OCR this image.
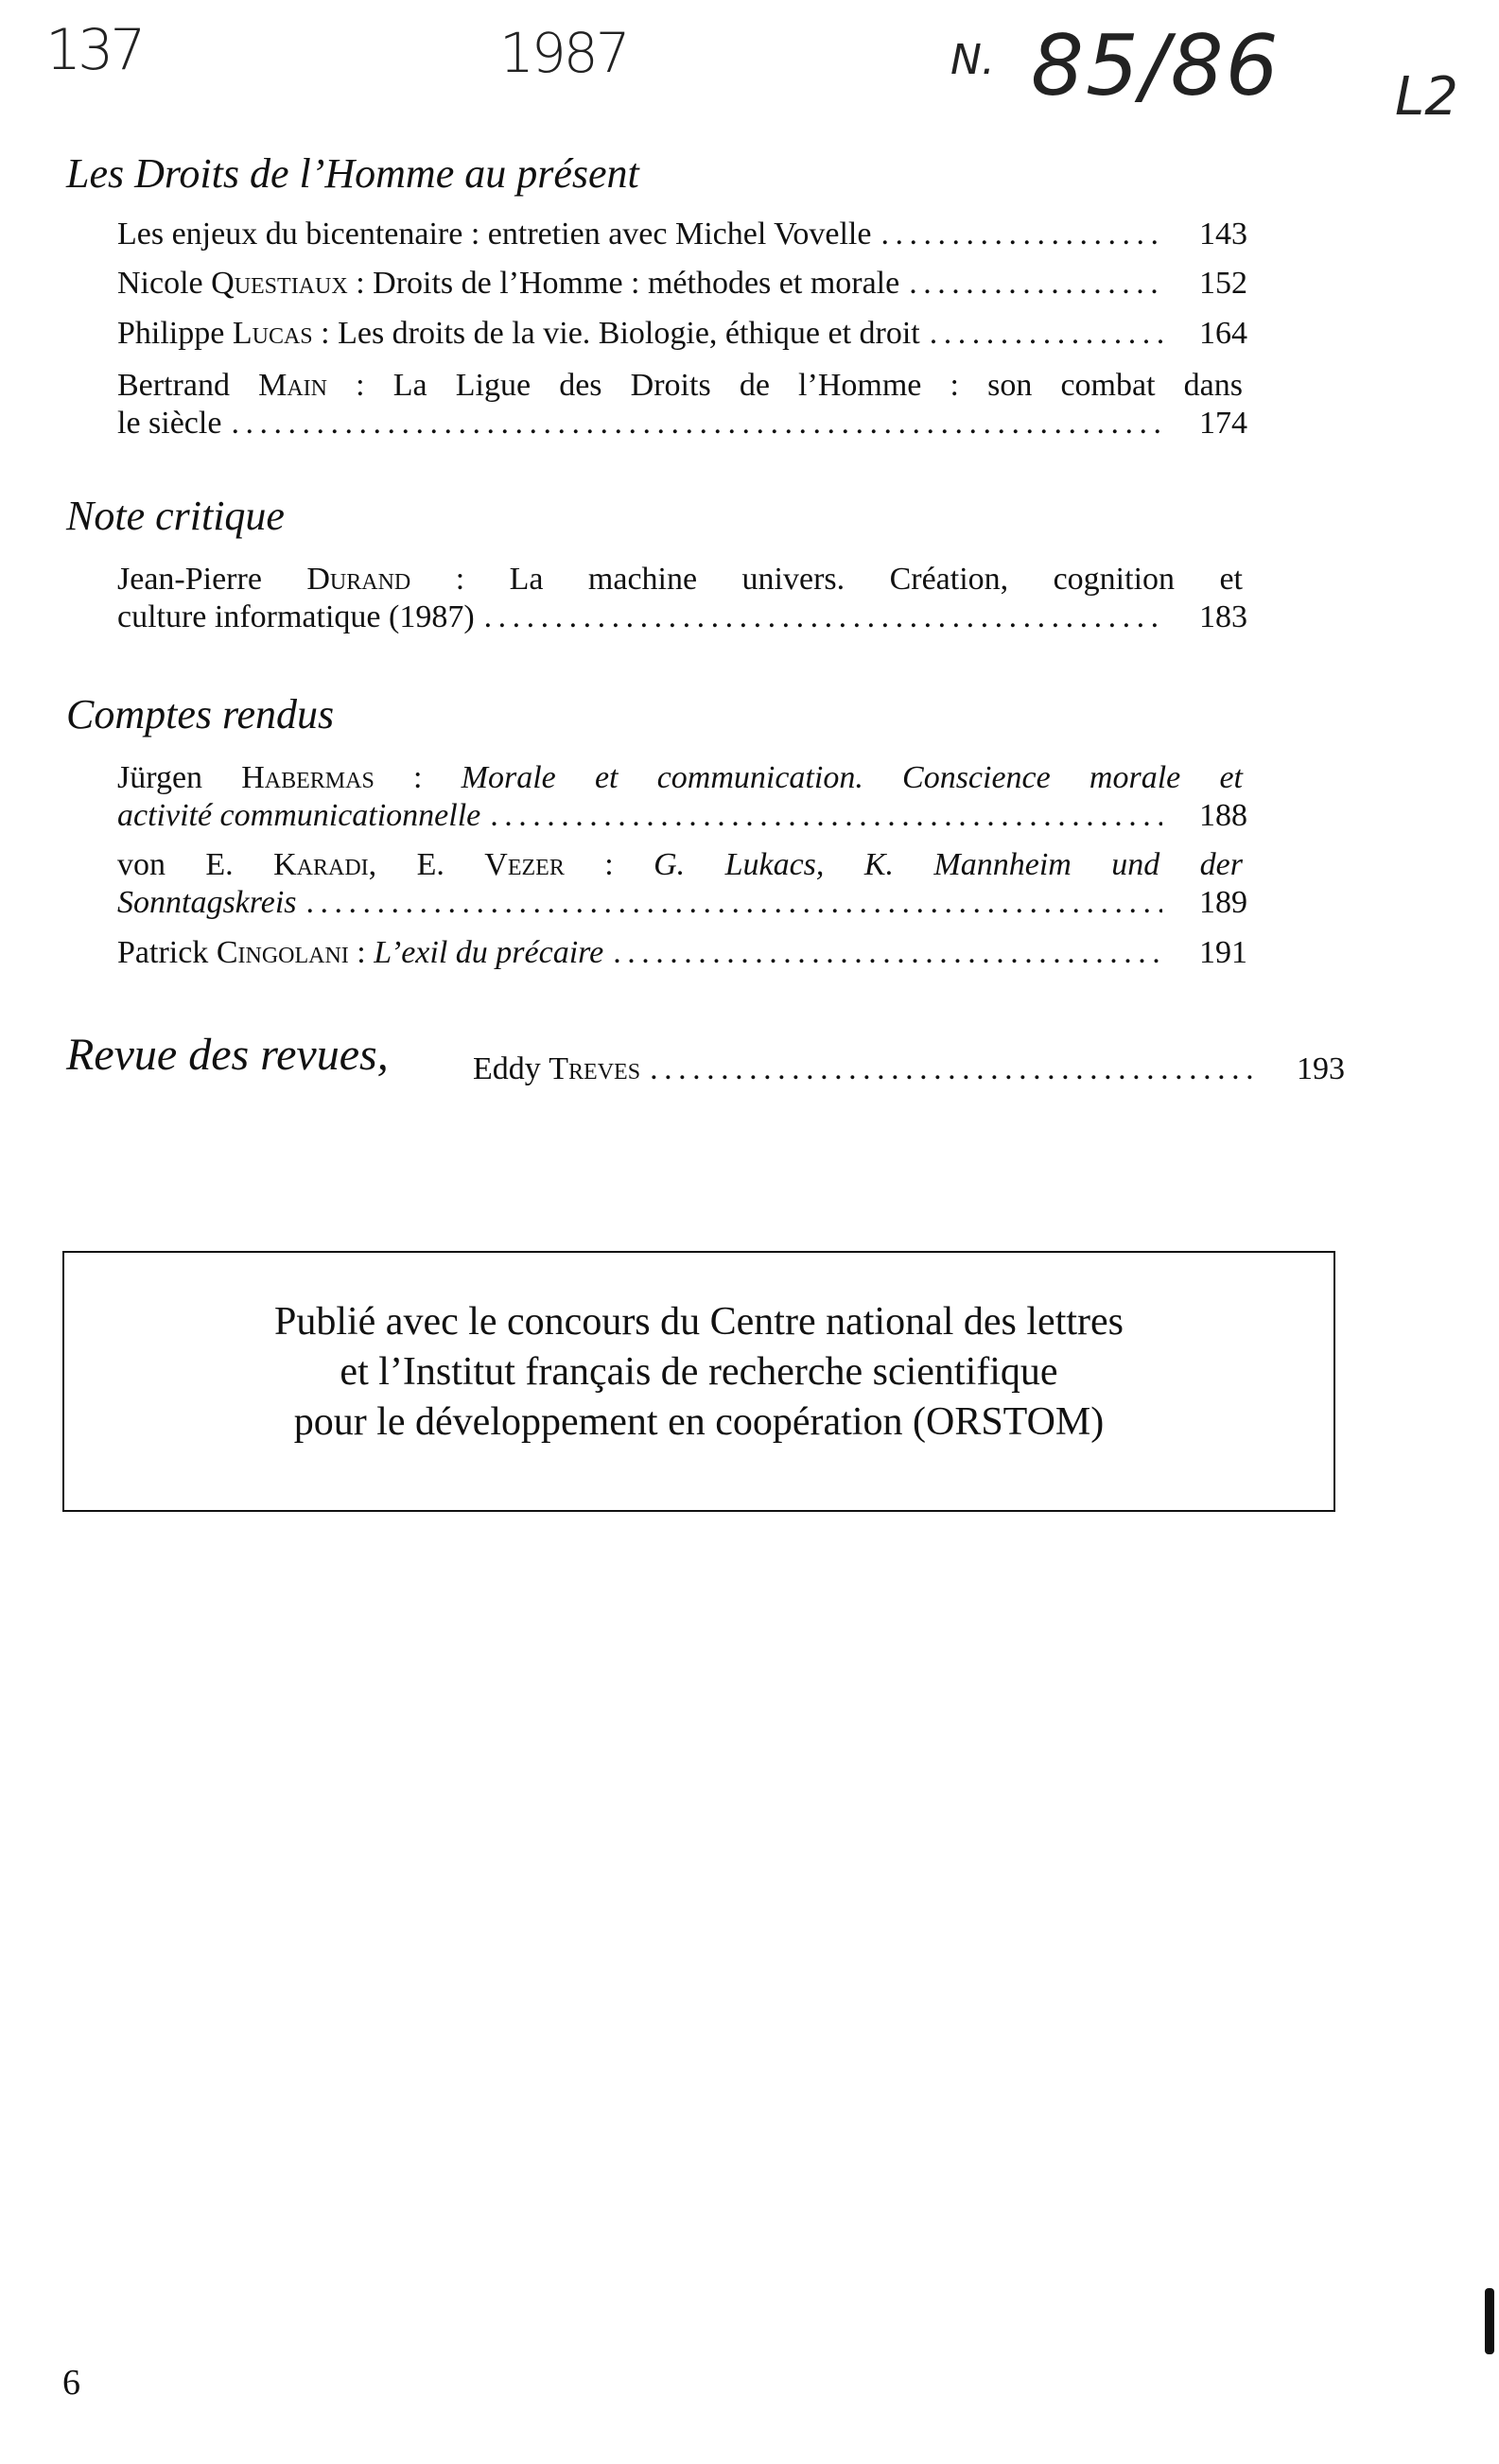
137	1987	N. 85/86 L2
Les Droits de l’Homme au présent
Les enjeux du bicentenaire : entretien avec Michel Vovelle . . .	143
Nicole Questiaux : Droits de l’Homme : méthodes et morale . . .	152
Philippe Lucas : Les droits de la vie. Biologie, éthique et droit . . .	164
Bertrand Main : La Ligue des Droits de l’Homme : son combat dans
le siècle . . .	174
Note critique
Jean-Pierre Durand : La machine univers. Création, cognition et
culture informatique (1987) . . .	183
Comptes rendus
Jürgen Habermas : Morale et communication. Conscience morale et
activité communicationnelle . . .	188
von E. Karadi, E. Vezer : G. Lukacs, K. Mannheim und der
Sonntagskreis . . .	189
Patrick Cingolani : L’exil du précaire . . .	191
Revue des revues,	Eddy Treves . . .	193
Publié avec le concours du Centre national des lettres
et l’Institut français de recherche scientifique
pour le développement en coopération (ORSTOM)
6
